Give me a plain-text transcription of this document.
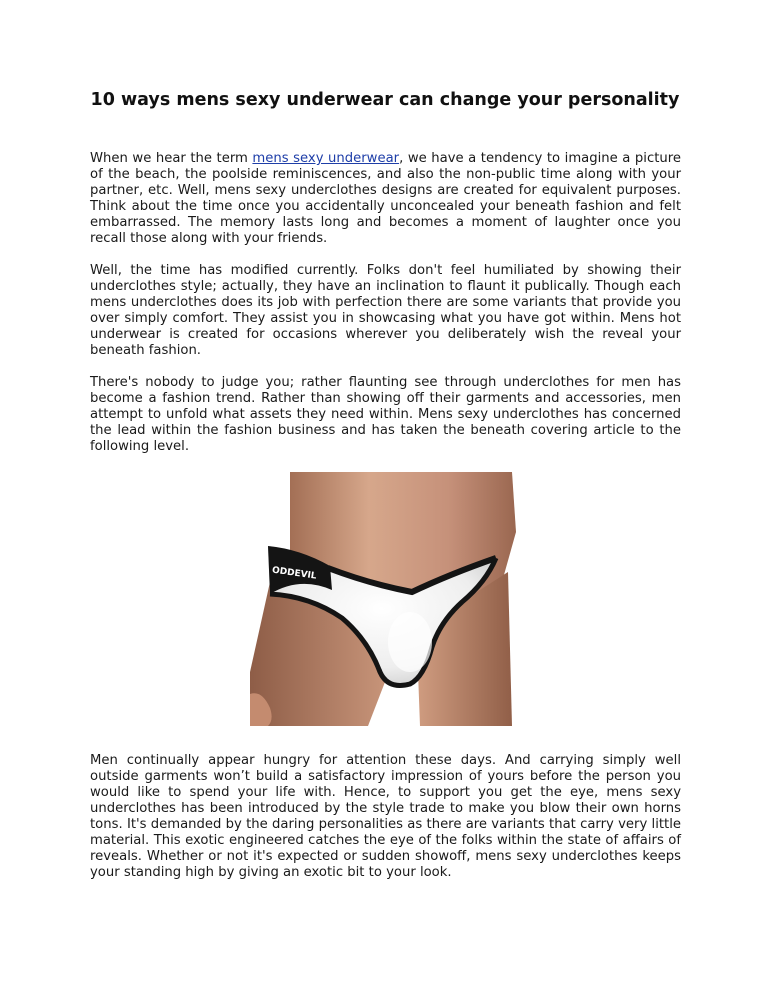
10 ways mens sexy underwear can change your personality

When we hear the term mens sexy underwear, we have a tendency to imagine a picture of the beach, the poolside reminiscences, and also the non-public time along with your partner, etc. Well, mens sexy underclothes designs are created for equivalent purposes. Think about the time once you accidentally unconcealed your beneath fashion and felt embarrassed. The memory lasts long and becomes a moment of laughter once you recall those along with your friends.

Well, the time has modified currently. Folks don't feel humiliated by showing their underclothes style; actually, they have an inclination to flaunt it publically. Though each mens underclothes does its job with perfection there are some variants that provide you over simply comfort. They assist you in showcasing what you have got within. Mens hot underwear is created for occasions wherever you deliberately wish the reveal your beneath fashion.

There's nobody to judge you; rather flaunting see through underclothes for men has become a fashion trend. Rather than showing off their garments and accessories, men attempt to unfold what assets they need within. Mens sexy underclothes has concerned the lead within the fashion business and has taken the beneath covering article to the following level.

ODDEVIL

Men continually appear hungry for attention these days. And carrying simply well outside garments won’t build a satisfactory impression of yours before the person you would like to spend your life with. Hence, to support you get the eye, mens sexy underclothes has been introduced by the style trade to make you blow their own horns tons. It's demanded by the daring personalities as there are variants that carry very little material. This exotic engineered catches the eye of the folks within the state of affairs of reveals. Whether or not it's expected or sudden showoff, mens sexy underclothes keeps your standing high by giving an exotic bit to your look.
